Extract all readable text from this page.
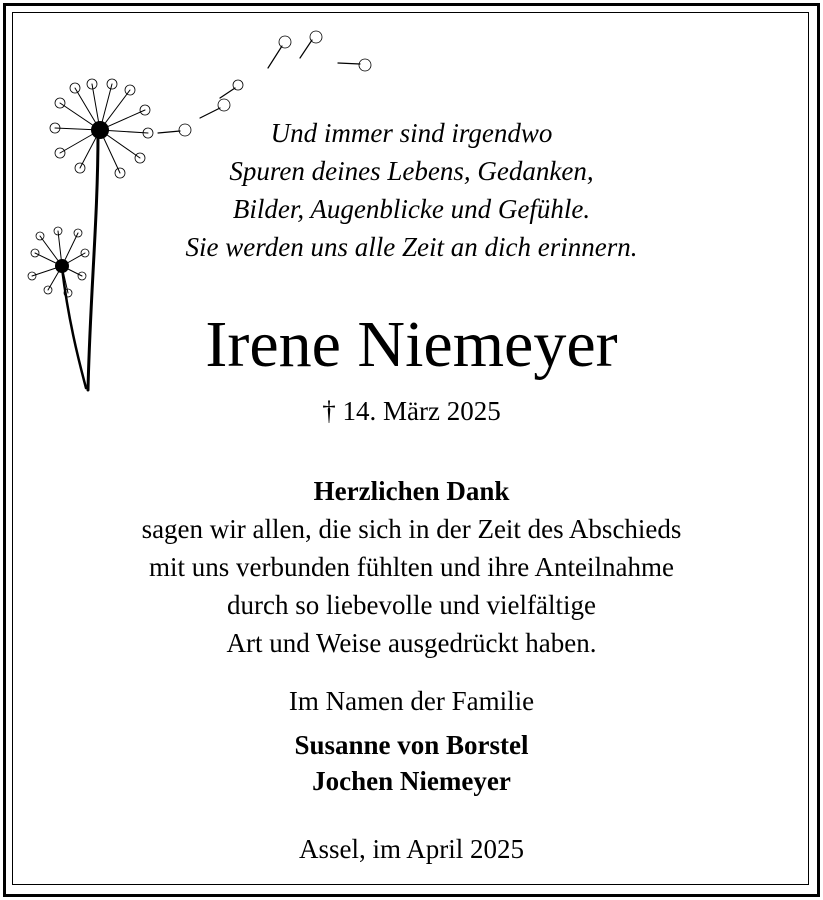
Und immer sind irgendwo
Spuren deines Lebens, Gedanken,
Bilder, Augenblicke und Gefühle.
Sie werden uns alle Zeit an dich erinnern.
Irene Niemeyer
† 14. März 2025
Herzlichen Dank
sagen wir allen, die sich in der Zeit des Abschieds
mit uns verbunden fühlten und ihre Anteilnahme
durch so liebevolle und vielfältige
Art und Weise ausgedrückt haben.
Im Namen der Familie
Susanne von Borstel
Jochen Niemeyer
Assel, im April 2025
